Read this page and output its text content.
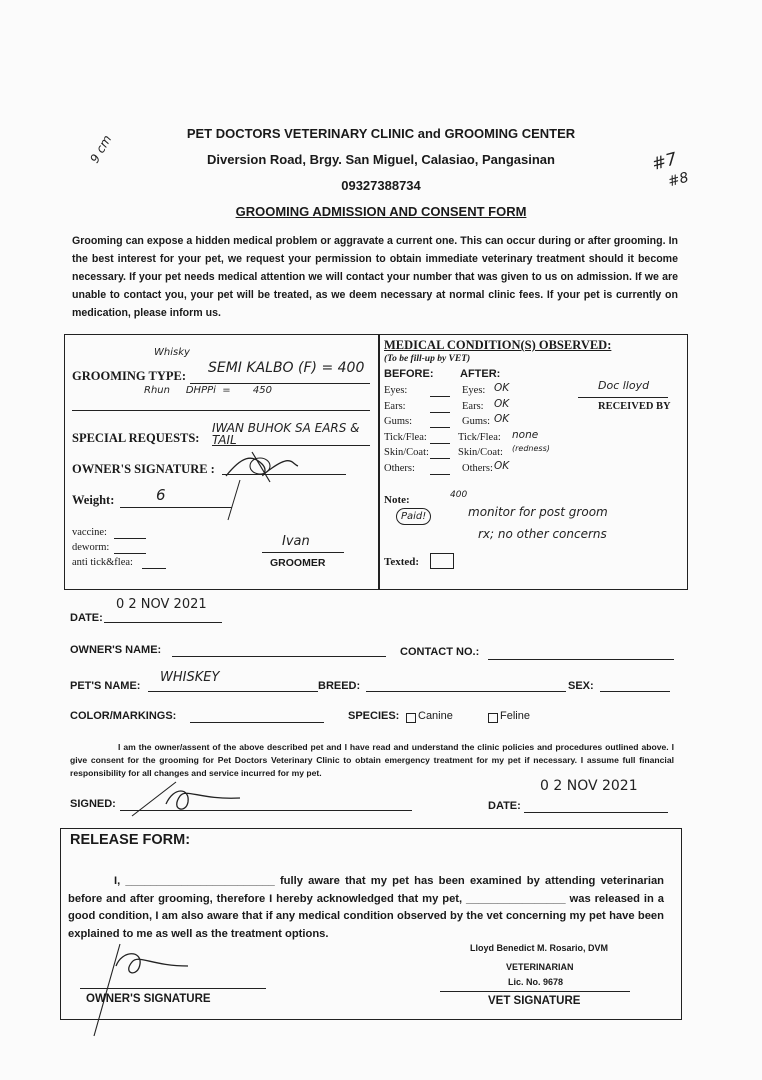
PET DOCTORS VETERINARY CLINIC and GROOMING CENTER
Diversion Road, Brgy. San Miguel, Calasiao, Pangasinan
09327388734
GROOMING ADMISSION AND CONSENT FORM
9 cm	#7
#8
Grooming can expose a hidden medical problem or aggravate a current one. This can occur during or after grooming. In the best interest for your pet, we request your permission to obtain immediate veterinary treatment should it become necessary. If your pet needs medical attention we will contact your number that was given to us on admission. If we are unable to contact you, your pet will be treated, as we deem necessary at normal clinic fees. If your pet is currently on medication, please inform us.
Whisky
GROOMING TYPE: SEMI KALBO (F) = 400
Rhun     DHPPi  =       450
SPECIAL REQUESTS:
IWAN BUHOK SA EARS & TAIL
OWNER'S SIGNATURE :
Weight:	6
vaccine:
deworm:
anti tick&flea:
Ivan
GROOMER
MEDICAL CONDITION(S) OBSERVED:
(To be fill-up by VET)
BEFORE: AFTER:
Eyes:	Eyes: OK
Ears:	Ears: OK
Gums:	Gums: OK
Tick/Flea:	Tick/Flea: none
Skin/Coat:	Skin/Coat: (redness)
Others:	Others: OK
Doc lloyd
RECEIVED BY
Note:
Paid!
400
monitor for post groom
rx; no other concerns
Texted:
DATE:
0 2 NOV 2021
OWNER'S NAME:	CONTACT NO.:
PET'S NAME:
WHISKEY
BREED:	SEX:
COLOR/MARKINGS:	SPECIES: Canine	Feline
I am the owner/assent of the above described pet and I have read and understand the clinic policies and procedures outlined above. I give consent for the grooming for Pet Doctors Veterinary Clinic to obtain emergency treatment for my pet if necessary. I assume full financial responsibility for all changes and service incurred for my pet.
SIGNED:	DATE:
0 2 NOV 2021
RELEASE FORM:
I, ________________________ fully aware that my pet has been examined by attending veterinarian before and after grooming, therefore I hereby acknowledged that my pet, ________________ was released in a good condition, I am also aware that if any medical condition observed by the vet concerning my pet have been explained to me as well as the treatment options.
Lloyd Benedict M. Rosario, DVM
VETERINARIAN
Lic. No. 9678
OWNER'S SIGNATURE	VET SIGNATURE
